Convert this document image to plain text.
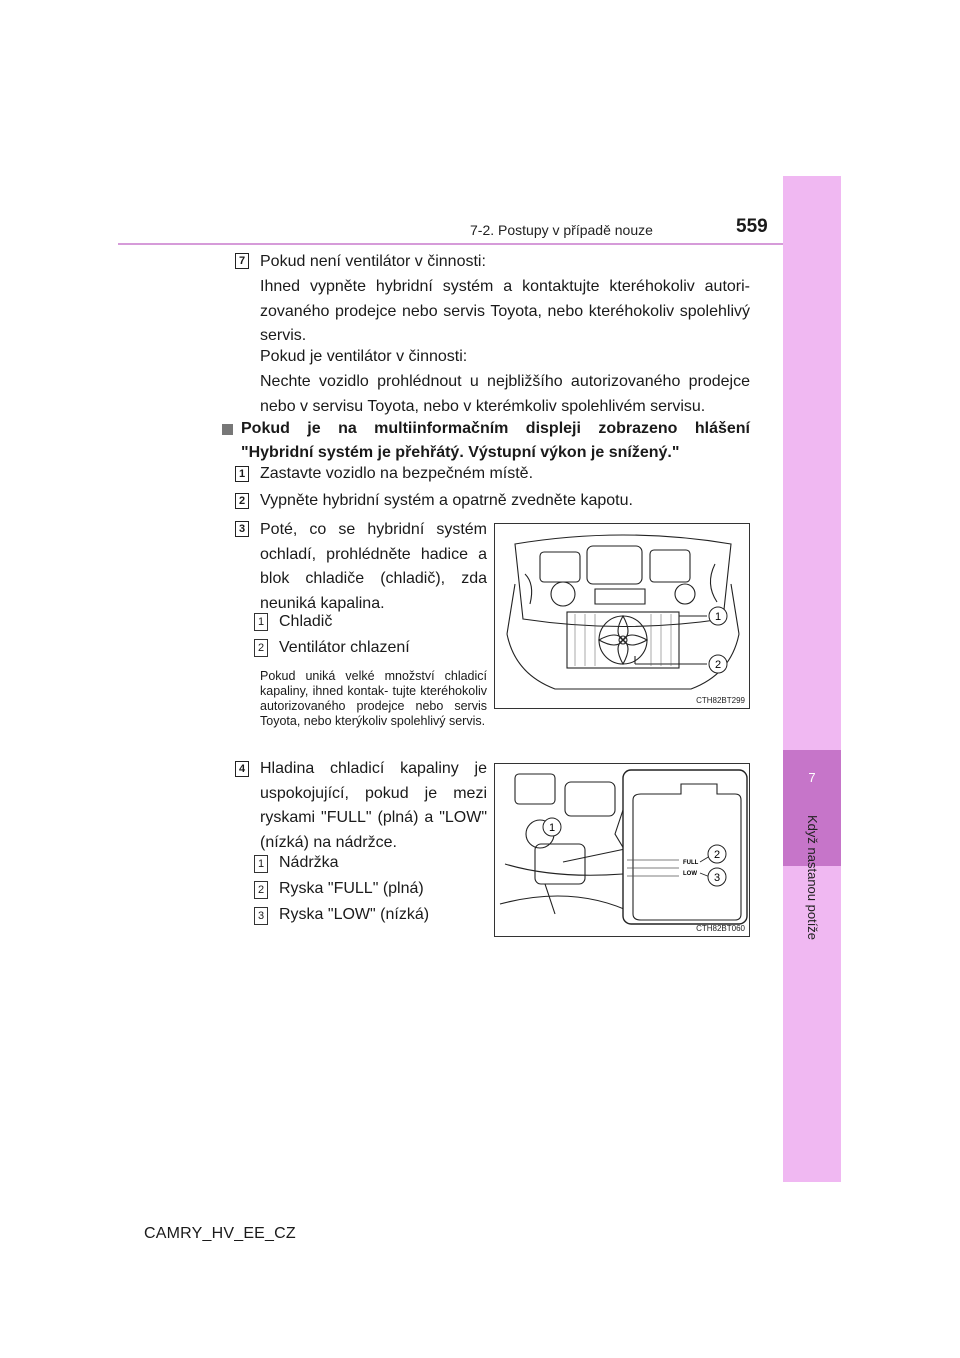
7
Když nastanou potíže
7-2. Postupy v případě nouze	559
7 Pokud není ventilátor v činnosti:
Ihned vypněte hybridní systém a kontaktujte kteréhokoliv autori- zovaného prodejce nebo servis Toyota, nebo kteréhokoliv spolehlivý servis.
Pokud je ventilátor v činnosti:
Nechte vozidlo prohlédnout u nejbližšího autorizovaného prodejce nebo v servisu Toyota, nebo v kterémkoliv spolehlivém servisu.
Pokud je na multiinformačním displeji zobrazeno hlášení
"Hybridní systém je přehřátý. Výstupní výkon je snížený."
1 Zastavte vozidlo na bezpečném místě.
2 Vypněte hybridní systém a opatrně zvedněte kapotu.
3 Poté, co se hybridní systém ochladí, prohlédněte hadice a blok chladiče (chladič), zda neuniká kapalina.
1 Chladič
2 Ventilátor chlazení
Pokud uniká velké množství chladicí kapaliny, ihned kontak- tujte kteréhokoliv autorizovaného prodejce nebo servis Toyota, nebo kterýkoliv spolehlivý servis.
1
2
CTH82BT299
4 Hladina chladicí kapaliny je uspokojující, pokud je mezi ryskami "FULL" (plná) a "LOW" (nízká) na nádržce.
1 Nádržka
2 Ryska "FULL" (plná)
3 Ryska "LOW" (nízká)
FULL
LOW
1
2
3
CTH82BT060
CAMRY_HV_EE_CZ
